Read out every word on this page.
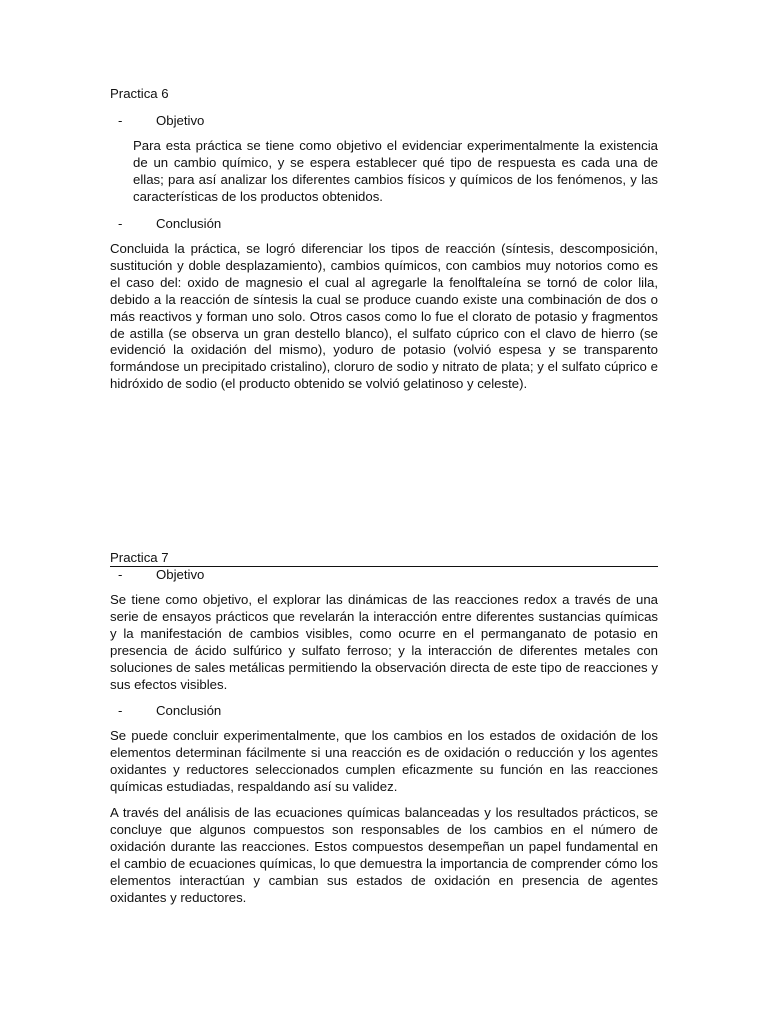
Practica 6
-	Objetivo

Para esta práctica se tiene como objetivo el evidenciar experimentalmente la existencia de un cambio químico, y se espera establecer qué tipo de respuesta es cada una de ellas; para así analizar los diferentes cambios físicos y químicos de los fenómenos, y las características de los productos obtenidos.

-	Conclusión

Concluida la práctica, se logró diferenciar los tipos de reacción (síntesis, descomposición, sustitución y doble desplazamiento), cambios químicos, con cambios muy notorios como es el caso del: oxido de magnesio el cual al agregarle la fenolftaleína se tornó de color lila, debido a la reacción de síntesis la cual se produce cuando existe una combinación de dos o más reactivos y forman uno solo. Otros casos como lo fue el clorato de potasio y fragmentos de astilla (se observa un gran destello blanco), el sulfato cúprico con el clavo de hierro (se evidenció la oxidación del mismo), yoduro de potasio (volvió espesa y se transparento formándose un precipitado cristalino), cloruro de sodio y nitrato de plata; y el sulfato cúprico e hidróxido de sodio (el producto obtenido se volvió gelatinoso y celeste).

Practica 7
-	Objetivo

Se tiene como objetivo, el explorar las dinámicas de las reacciones redox a través de una serie de ensayos prácticos que revelarán la interacción entre diferentes sustancias químicas y la manifestación de cambios visibles, como ocurre en el permanganato de potasio en presencia de ácido sulfúrico y sulfato ferroso; y la interacción de diferentes metales con soluciones de sales metálicas permitiendo la observación directa de este tipo de reacciones y sus efectos visibles.

-	Conclusión

Se puede concluir experimentalmente, que los cambios en los estados de oxidación de los elementos determinan fácilmente si una reacción es de oxidación o reducción y los agentes oxidantes y reductores seleccionados cumplen eficazmente su función en las reacciones químicas estudiadas, respaldando así su validez.

A través del análisis de las ecuaciones químicas balanceadas y los resultados prácticos, se concluye que algunos compuestos son responsables de los cambios en el número de oxidación durante las reacciones. Estos compuestos desempeñan un papel fundamental en el cambio de ecuaciones químicas, lo que demuestra la importancia de comprender cómo los elementos interactúan y cambian sus estados de oxidación en presencia de agentes oxidantes y reductores.
